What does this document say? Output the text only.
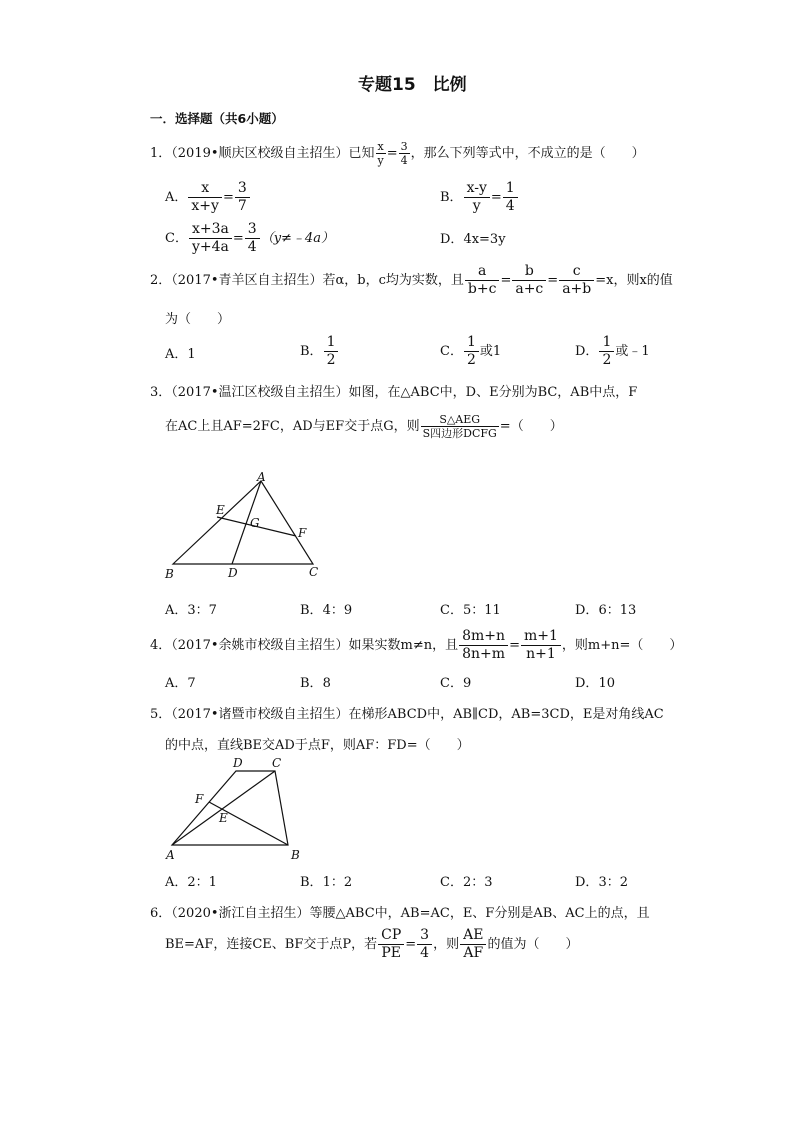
专题15　比例
一．选择题（共6小题）
1．（2019•顺庆区校级自主招生）已知 $\frac{x}{y} = \frac{3}{4}$ ，那么下列等式中，不成立的是（　　）
A． $\frac{x}{x+y} = \frac{3}{7}$	B． $\frac{x-y}{y} = \frac{1}{4}$
C． $\frac{x+3a}{y+4a} = \frac{3}{4}$ （y≠﹣4a）	D．4x=3y
2．（2017•青羊区自主招生）若α，b，c均为实数，且 $\frac{a}{b+c} = \frac{b}{a+c} = \frac{c}{a+b} =x$，则x的值
为（　　）
A．1	B． $\frac{1}{2}$	C． $\frac{1}{2}$ 或1	D． $\frac{1}{2}$ 或﹣1
3．（2017•温江区校级自主招生）如图，在△ABC中，D、E分别为BC，AB中点，F
在AC上且AF=2FC，AD与EF交于点G，则 $\frac{\text{S△AEG}}{\text{S四边形DCFG}}$ =（　　）
A
B	C
D
E
F
G
A．3：7	B．4：9	C．5：11	D．6：13
4．（2017•余姚市校级自主招生）如果实数m≠n，且 $\frac{8m+n}{8n+m} = \frac{m+1}{n+1}$ ，则m+n=（　　）
A．7	B．8	C．9	D．10
5．（2017•诸暨市校级自主招生）在梯形ABCD中，AB∥CD，AB=3CD，E是对角线AC
的中点，直线BE交AD于点F，则AF：FD=（　　）
D C
F
E
A	B
A．2：1	B．1：2	C．2：3	D．3：2
6．（2020•浙江自主招生）等腰△ABC中，AB=AC，E、F分别是AB、AC上的点，且
BE=AF，连接CE、BF交于点P，若 $\frac{CP}{PE} = \frac{3}{4}$ ，则 $\frac{AE}{AF}$ 的值为（　　）
